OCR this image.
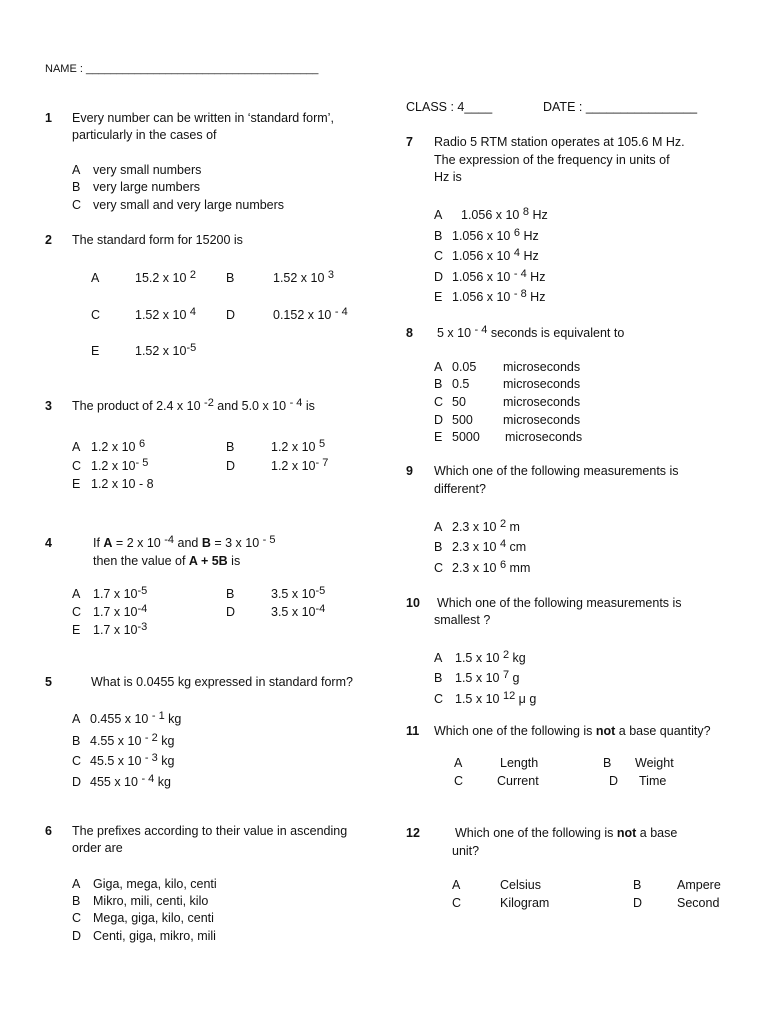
NAME : ______________________________________
CLASS : 4____	DATE : ________________
1 Every number can be written in ‘standard form’,
particularly in the cases of
A very small numbers
B very large numbers
C very small and very large numbers
2 The standard form for 15200 is
A	15.2 x 10 $^2$ B	1.52 x 10 $^3$
C	1.52 x 10 $^4$ D	0.152 x 10 $^{- 4}$
E	1.52 x $10^{-5}$
3 The product of 2.4 x 10 $^{-2}$ and 5.0 x 10 $^{- 4}$ is
A 1.2 x 10 $^6$	B	1.2 x 10 $^5$
C 1.2 x $10^{- 5}$	D	1.2 x $10^{- 7}$
E 1.2 x 10 - 8
4	If A = 2 x 10 $^{-4}$ and B = 3 x 10 $^{- 5}$
then the value of A + 5B is
A 1.7 x $10^{-5}$	B	3.5 x $10^{-5}$
C 1.7 x $10^{-4}$	D	3.5 x $10^{-4}$
E 1.7 x $10^{-3}$
5	What is 0.0455 kg expressed in standard form?
A 0.455 x 10 $^{- 1}$ kg
B 4.55 x 10 $^{- 2}$ kg
C 45.5 x 10 $^{- 3}$ kg
D 455 x 10 $^{- 4}$ kg
6 The prefixes according to their value in ascending
order are
A Giga, mega, kilo, centi
B Mikro, mili, centi, kilo
C Mega, giga, kilo, centi
D Centi, giga, mikro, mili
7 Radio 5 RTM station operates at 105.6 M Hz.
The expression of the frequency in units of
Hz is
A 1.056 x 10 $^8$ Hz
B 1.056 x 10 $^6$ Hz
C 1.056 x 10 $^4$ Hz
D 1.056 x 10 $^{- 4}$ Hz
E 1.056 x 10 $^{- 8}$ Hz
8 5 x 10 $^{- 4}$ seconds is equivalent to
A 0.05 microseconds
B 0.5	microseconds
C 50	microseconds
D 500 microseconds
E 5000 microseconds
9 Which one of the following measurements is
different?
A 2.3 x 10 $^2$ m
B 2.3 x 10 $^4$ cm
C 2.3 x 10 $^6$ mm
10 Which one of the following measurements is
smallest ?
A 1.5 x 10 $^2$ kg
B 1.5 x 10 $^7$ g
C 1.5 x 10 $^{12}$ μ g
11 Which one of the following is not a base quantity?
A	Length	B Weight
C	Current	D Time
12	Which one of the following is not a base
unit?
A	Celsius	B	Ampere
C	Kilogram	D	Second
